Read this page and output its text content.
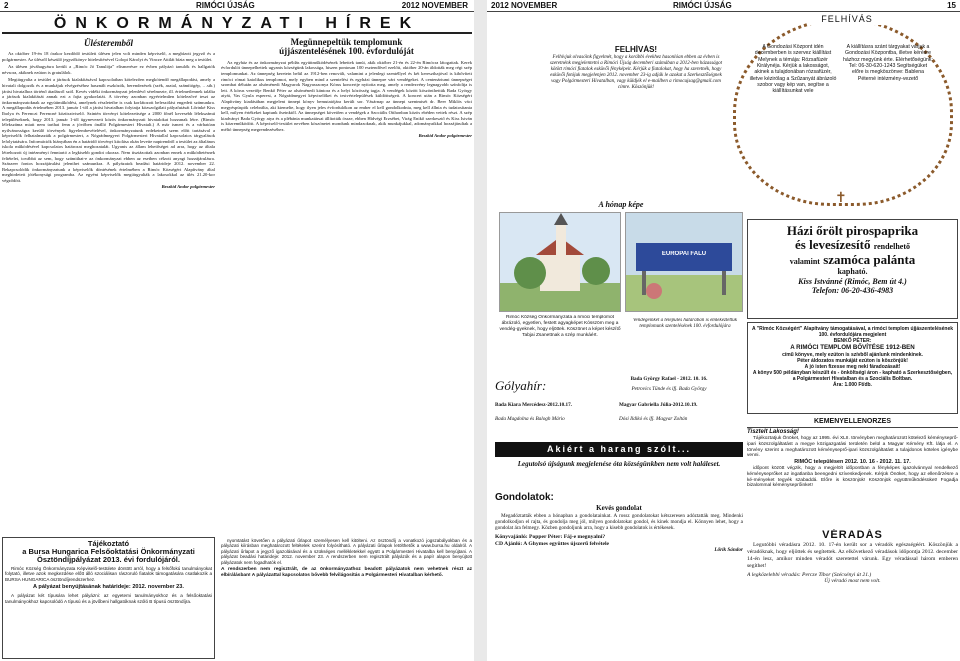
2	RIMÓCI ÚJSÁG	2012 NOVEMBER
ÖNKORMÁNYZATI HÍREK
Ülésteremből
Az október 19-én 18 órakor kezdődő testületi ülésen jelen volt minden képviselő, a megbízott jegyző és a polgármester. Az ülésről készülő jegyzőkönyv hitelesítésével Golopi Károlyt és Vincze Attilát bízta meg a testület.
Az ülésen jóváhagyásra került a „Rimóc Jó Tanulója” elismerésre ez évben pályázó tanulók és hallgatók névsora, akiknek ezúton is gratulálok.
Megtárgyalta a testület a járások kialakításával kapcsolatban kötelezően megkötendő megállapodást, amely a hivatali dolgozók és a munkájuk elvégzéséhez használt eszközök, berendezések (szék, asztal, számítógép, …stb.) járási hivatalhoz történő átadásról szól. Kevés vidéki önkormányzat jelenlévő sérelmezte, ill. értelmetlennek találta a járások kialakítását annak ezt a fajta gyakorlatát. A törvény azonban egyértelműen kötelezővé teszi az önkormányzatoknak az együttműködést, amelynek részleteibe is csak korlátozott beleszólást engedett számunkra. A megállapodás értelmében 2013. január 1-től a járási hivatalban folytatja közszolgálati pályafutását Lőrinké Kiss Ibolya és Ferenczi Ferencné köztisztviselő. Szintén törvényi kötelezettsége a 2000 főnél kevesebb lélekszámú településeknek, hogy 2013. január 1-től ügynevezett közös önkormányzati hivatalokat hozzanak létre. (Rimóc lélekszáma miatt nem tarthat fenn a jövőben önálló Polgármesteri Hivatalt.) A már ismert és a várhatóan nyilvánosságra kerülő törvények figyelembevételével, önkormányzatunk erdekeinek szem előtt tartásával a képviselők felhatalmazták a polgármestert, a Nógrádmegyeri Polgármesteri Hivatallal kapcsolatos tárgyalások lefolytatására. Információk hiányában én a határidő törvényi kitolása okán levette napirendről a testület az általános iskola működésével kapcsolatos határozat meghozatalát. Ugyanis az állam lehetőséget ad arra, hogy az általa létrehozott új intézményi fenntartó a legkisebb gondot okozza. Nem tisztázottak azonban ennek a működtetésnek feltételei, továbbá az sem, hogy számithat-e az önkormányzat ebben az esetben célzott anyagi hozzájárulásra. Szászeer fontos hozzájárulást jelenthet számunkra. A pályázatok beadási határideje 2012. november 22. Bekapcsolódik önkormányzatunk a képviselők döntésének értelmében a Rimóc Községért Alapítvány által meghirdetett jótékonysági programba. Az egyéni képviselők megtárgyalták a lakosokkal az ülés 21.20-kor végződött.
Beszkid Andor polgármester
Tájékoztató
a Bursa Hungarica Felsőoktatási Önkormányzati Ösztöndíjpályázat 2013. évi fordulójáról.
Rimóc Község Önkormányzata Képviselő-testülete döntött arról, hogy a felsőfokú tanulmányokat folytató, illetve azok megkezdése előtt álló szociálisan rászoruló fiatalok támogatására csatlakozik a BURSA HUNGARICA ösztöndíjrendszerhez.
A pályázat benyújtásának határideje: 2012. november 23.
A pályázat két típusára lehet pályázni: az egyetemi tanulmányokhoz és a felsőoktatási tanulmányokhoz kapcsolódó A típusú és a jövőbeni hallgatóknak szóló B típusú ösztöndíjra.
Megünnepeltük templomunk
újjászentelésének 100. évfordulóját
Az egyház és az önkormányzat példás együttműködésének lebettek tanúi, akik október 21-én és 22-én Rimócra látogattak. Kerek évfordulót ünnepelhettek ugyanis községünk lakossága, hiszen pontosan 100 esztendővel ezelőtt, október 20-án áldották meg régi szép templomunkat. Az ünnepség keretein belül az 1912-ben renovált, valamint a jelenlegi szentéllyel és két kereszthajóval is kibővített rimóci római katolikus templomot, mely egyben mind a szentelési és egyházi ünnepre várt vendégeket. A centenáriumi ünnepséget szombat délután az alsóménedi Magyarok Nagyasszonya Kórus koncertje nyitotta meg, amely a rendezvény legnagyobb színfoltja is lett. A kórus vezetője Benkő Péter az alsóménedi kántora és a helyi közösség tagja. A vendégek között köszönthettük Bada György atyát, Vas Gyula esperest, a Nógrádmegyei képviselőket és testvértelepülések küldöttségeit. A koncert után a Rimóc Községért Alapítvány kiadásában megjelent ünnepi könyv bemutatójára került sor. Vásárnap az ünnepi szentmisét dr. Beer Miklós váci megyéspüspök celebrálta, aki kiemelte, hogy ilyen jeles évfordulókon az ember el kell gondolkodnia, meg kell állnia és tudatosítania kell, milyen értékeket kaptunk őseinktől. Az ünnepséget követően a vendégek a Szociális Otthonban közös ebéden vettek részt. A szép kiadványt Bada György atya és a plébánia munkatársai állították össze, ebben Hídvégi Erzsébet, Virág Enikő szerkesztő és Kiss István is közreműködött. A képviselő-testület nevében köszönetet mondunk mindazoknak, akik munkájukkal, adományaikkal hozzájárultak a méltó ünnepség megrendezéséhez.
Beszkid Andor polgármester
nyomtatást követően a pályázati űrlapot személyesen kell kitölteni. Az ösztöndíj a vonatkozó jogszabályokban és a pályázati kiírásban meghatározott feltételek szerint folyósítható. A pályázati űrlapok letölthetők a www.bursa.hu oldalról. A pályázati űrlapot a jegyző igazolásával és a szükséges mellékletekkel együtt a Polgármesteri Hivatalba kell benyújtani. A pályázat beadási határideje: 2012. november 23. A rendszerben nem regisztrált pályázók és a papír alapon benyújtott pályázatok nem fogadhatók el.
A rendszerben nem regisztrált, de az önkormányzathoz beadott pályázatok nem vehetnek részt az elbírálásban! A pályázattal kapcsolatos bővebb felvilágosítás a Polgármesteri Hivatalban kérhető.
2012 NOVEMBER	RIMÓCI ÚJSÁG	15
FELHÍVÁS!
Felhívjuk olvasóink figyelmét, hogy a korábbi évekhez hasonlóan ebben az évben is szeretnénk megjelentetni a Rimóci Újság decemberi számában a 2012-ben házasságot kötött rimóci fiatalok esküvői fényképeit. Kérjük a fiatalokat, hogy ha szeretnék, hogy esküvői fotójuk megjelenjen 2012. november 23-ig adják le azokat a Szerkesztőségnek vagy Polgármesteri Hivatalban, vagy küldjék el e-mailben a rimocujsag@gmail.com címre. Köszönjük!
FELHÍVÁS
A Gondozási Központ idén decemberben is szervez kiállítást Melynek a témája: Rózsafüzér Királynéja. Kérjük a lakosságot, akinek a tulajdonában rózsafüzér, illetve kézirólag a Szűzanyát ábrázoló szobor vagy kép van, segítse a kiállításunkat vele
A kiállításra szánt tárgyakat várjuk a Gondozási Központba, illetve kérésre házhoz megyünk érte. Elérhetőségünk: Tel: 06-30-620-1243 Segítségüket előre is megköszönve: Bablena Péterné intézmény-vezető
✝
A hónap képe
EURÓPAI FALU
Rimóc Község Önkormányzata a rimóci templomot ábrázoló, egyetlen, festett agyagképet Kósszöm meg a vendég-gyeknek, hogy eljöttek. Köszönet a képet készítő Tabjai Zsanettnak a szép munkáért.
Vendégeinket a település határában is emlékeztettük templomunk szentelésének 100. évfordulójára
Házi őrölt pirospaprika
és levesízesítő rendelhető
valamint szamóca palánta
kapható.
Kiss Istvánné (Rimóc, Bem út 4.)
Telefon: 06-20-436-4983
A "Rimóc Községért" Alapítvány támogatásával, a rimóci templom újjászentelésének 100. évfordulójára megjelent
BENKŐ PÉTER:
A RIMÓCI TEMPLOM BŐVÍTÉSE 1912-BEN
című könyve, mely ezúton is szívből ajánlunk mindenkinek.
Péter áldozatos munkáját ezúton is köszönjük!
A jó isten fizesse meg neki fáradozásait!
A könyv 500 példányban készült és - önköltségi áron - kapható a Szerkesztőségben, a Polgármesteri Hivatalban és a Szociális Boltban.
Ára: 1.000 Ft/db.
KÉMÉNYELLENŐRZÉS
Tisztelt Lakosság!
Tájékoztatjuk Önöket, hogy az 1995. évi XLII. törvényben meghatározott kötelező kéményseprő-ipari közszolgáltatást a megye közigazgatási területén belül a Magyar Kémény Kft. látja el. A törvény szerint a meghatározott kéményseprő-ipari közszolgáltatást a tulajdonos köteles igénybe venni.
RIMÓC településen 2012. 10. 16 - 2012. 11. 17.
időpont között végzik, hogy a megjelölt időpontban a fényképes igazolvánnyal rendelkező kéményseprőket az ingatlanba beengedni szíveskedjenek. Kérjük Önöket, hogy az ellenőrzésre a ké-ményeket tegyék szabaddá. Előre is köszönjük! Köszönjük együttműködésüket! Fogadja bizalommal kéményseprőinket!
Gólyahír:	Bada György Rafael - 2012. 10. 16.
Petrovics Tünde és ifj. Bada György
Bada Kiara Mercédesz-2012.10.17.	Magyar Gabriella Júlia-2012.10.19.
Bada Magdolna és Balogh Mário	Dósi Ildikó és ifj. Magyar Zoltán
Akiért a harang szólt...
Legutolsó újságunk megjelenése óta községünkben nem volt haláleset.
Gondolatok:
Kevés gondolat
Megadóztatták ebben a hónapban a gondolatainkat. A rossz gondolatokat kétszeresen adóztatták meg. Mindenki gondolkodjon el rajta, és gondolja meg jól, milyen gondolatokat gondol, és kinek mondja el. Könnyen lehet, hogy a gondolat ára felmegy. Közben gondoljunk arra, hogy a kisebb gondolatok is értékesek.
Könyvajánló: Popper Péter: Fáj-e megnyalni?
CD Ajánló: A Ghymes együttes újszerű felvétele
Lőrik Sándor
VÉRADÁS
Legutóbbi véradásra 2012. 10. 17-én került sor a véradók egészségéért. Köszönjük a véradóknak, hogy eljöttek és segítettek. Az elkövetkező véradások időpontja 2012. december 14-én lesz, amikor minden véradót szeretettel várunk. Egy véradással három emberen segíthet!
A legközelebbi véradás: Percze Tibor (Szécsényi út 21.)
Új véradó most nem volt.
